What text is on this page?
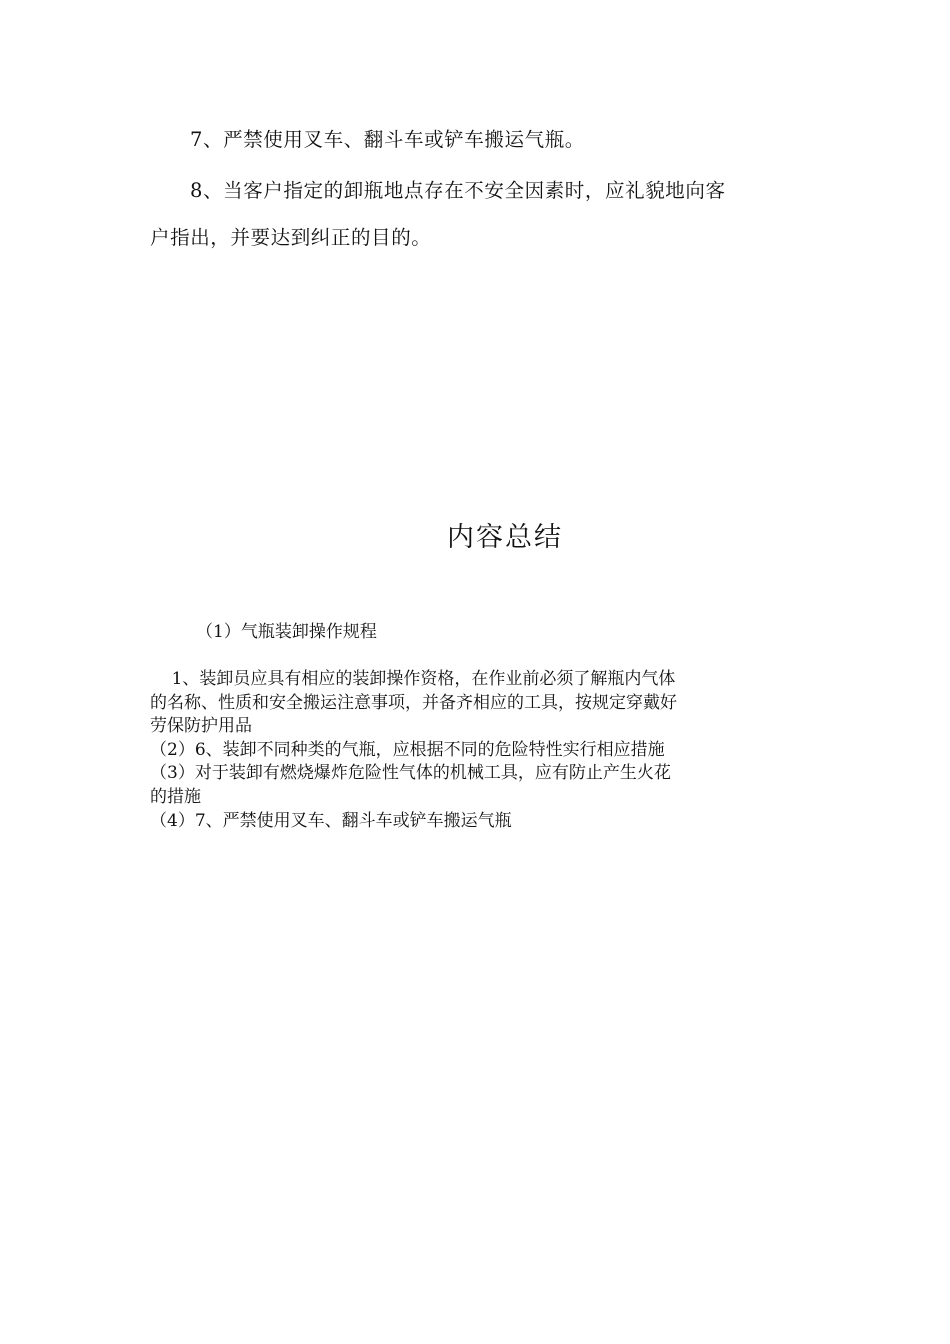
7、严禁使用叉车、翻斗车或铲车搬运气瓶。
8、当客户指定的卸瓶地点存在不安全因素时，应礼貌地向客
户指出，并要达到纠正的目的。
内容总结
（1）气瓶装卸操作规程
1、装卸员应具有相应的装卸操作资格，在作业前必须了解瓶内气体
的名称、性质和安全搬运注意事项，并备齐相应的工具，按规定穿戴好
劳保防护用品
（2）6、装卸不同种类的气瓶，应根据不同的危险特性实行相应措施
（3）对于装卸有燃烧爆炸危险性气体的机械工具，应有防止产生火花
的措施
（4）7、严禁使用叉车、翻斗车或铲车搬运气瓶
